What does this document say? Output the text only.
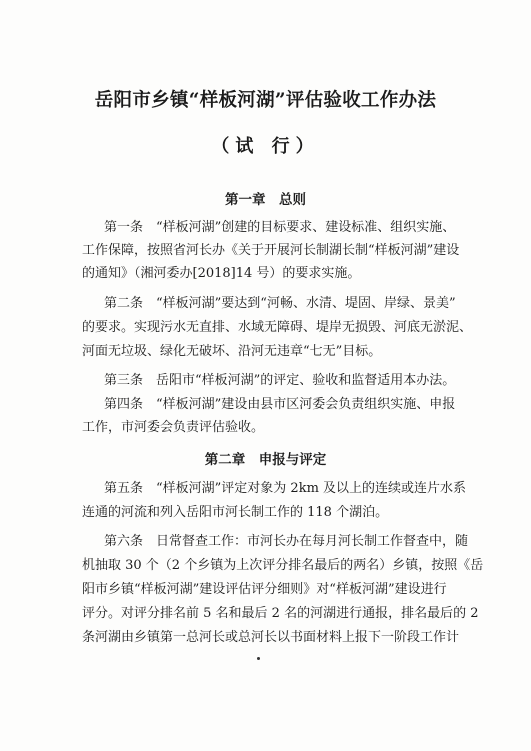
岳阳市乡镇“样板河湖”评估验收工作办法
（试 行）
第一章　总则
第一条　“样板河湖”创建的目标要求、建设标准、组织实施、
工作保障，按照省河长办《关于开展河长制湖长制“样板河湖”建设
的通知》（湘河委办[2018]14 号）的要求实施。
第二条　“样板河湖”要达到“河畅、水清、堤固、岸绿、景美”
的要求。实现污水无直排、水域无障碍、堤岸无损毁、河底无淤泥、
河面无垃圾、绿化无破坏、沿河无违章“七无”目标。
第三条　岳阳市“样板河湖”的评定、验收和监督适用本办法。
第四条　“样板河湖”建设由县市区河委会负责组织实施、申报
工作，市河委会负责评估验收。
第二章　申报与评定
第五条　“样板河湖”评定对象为 2km 及以上的连续或连片水系
连通的河流和列入岳阳市河长制工作的 118 个湖泊。
第六条　日常督查工作：市河长办在每月河长制工作督查中，随
机抽取 30 个（2 个乡镇为上次评分排名最后的两名）乡镇，按照《岳
阳市乡镇“样板河湖”建设评估评分细则》对“样板河湖”建设进行
评分。对评分排名前 5 名和最后 2 名的河湖进行通报，排名最后的 2
条河湖由乡镇第一总河长或总河长以书面材料上报下一阶段工作计
